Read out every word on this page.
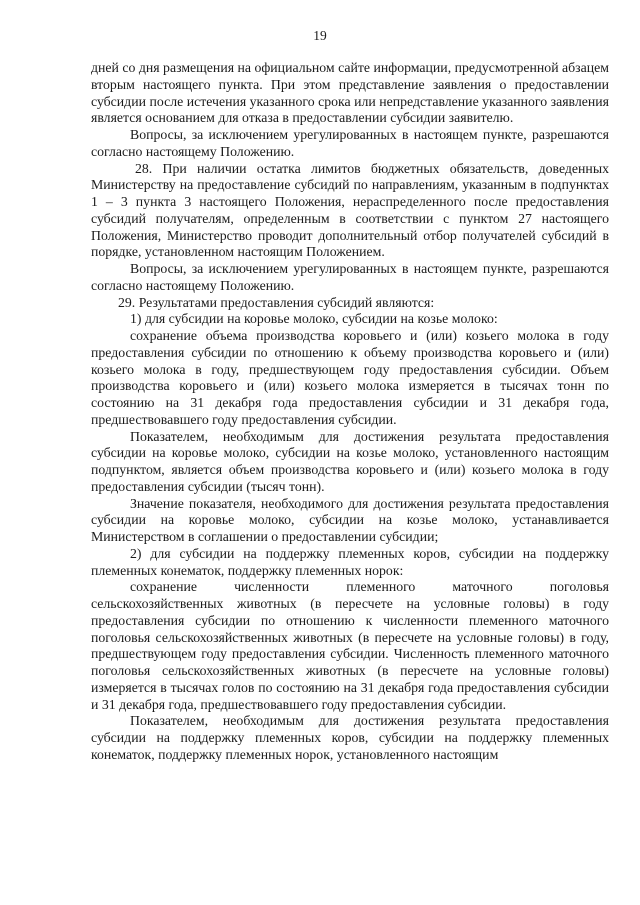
19

дней со дня размещения на официальном сайте информации, предусмотренной абзацем вторым настоящего пункта. При этом представление заявления о предоставлении субсидии после истечения указанного срока или непредставление указанного заявления является основанием для отказа в предоставлении субсидии заявителю.

Вопросы, за исключением урегулированных в настоящем пункте, разрешаются согласно настоящему Положению.

28. При наличии остатка лимитов бюджетных обязательств, доведенных Министерству на предоставление субсидий по направлениям, указанным в подпунктах 1 – 3 пункта 3 настоящего Положения, нераспределенного после предоставления субсидий получателям, определенным в соответствии с пунктом 27 настоящего Положения, Министерство проводит дополнительный отбор получателей субсидий в порядке, установленном настоящим Положением.

Вопросы, за исключением урегулированных в настоящем пункте, разрешаются согласно настоящему Положению.

29. Результатами предоставления субсидий являются:

1) для субсидии на коровье молоко, субсидии на козье молоко:

сохранение объема производства коровьего и (или) козьего молока в году предоставления субсидии по отношению к объему производства коровьего и (или) козьего молока в году, предшествующем году предоставления субсидии. Объем производства коровьего и (или) козьего молока измеряется в тысячах тонн по состоянию на 31 декабря года предоставления субсидии и 31 декабря года, предшествовавшего году предоставления субсидии.

Показателем, необходимым для достижения результата предоставления субсидии на коровье молоко, субсидии на козье молоко, установленного настоящим подпунктом, является объем производства коровьего и (или) козьего молока в году предоставления субсидии (тысяч тонн).

Значение показателя, необходимого для достижения результата предоставления субсидии на коровье молоко, субсидии на козье молоко, устанавливается Министерством в соглашении о предоставлении субсидии;

2) для субсидии на поддержку племенных коров, субсидии на поддержку племенных конематок, поддержку племенных норок:

сохранение численности племенного маточного поголовья сельскохозяйственных животных (в пересчете на условные головы) в году предоставления субсидии по отношению к численности племенного маточного поголовья сельскохозяйственных животных (в пересчете на условные головы) в году, предшествующем году предоставления субсидии. Численность племенного маточного поголовья сельскохозяйственных животных (в пересчете на условные головы) измеряется в тысячах голов по состоянию на 31 декабря года предоставления субсидии и 31 декабря года, предшествовавшего году предоставления субсидии.

Показателем, необходимым для достижения результата предоставления субсидии на поддержку племенных коров, субсидии на поддержку племенных конематок, поддержку племенных норок, установленного настоящим
